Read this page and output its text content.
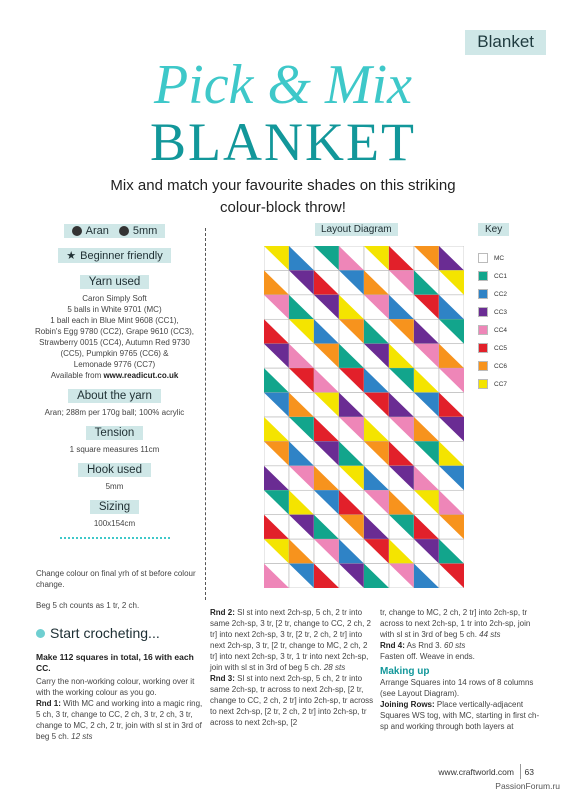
Blanket
Pick & Mix
BLANKET
Mix and match your favourite shades on this striking colour-block throw!
Aran 5mm
★ Beginner friendly
Yarn used
Caron Simply Soft
5 balls in White 9701 (MC)
1 ball each in Blue Mint 9608 (CC1),
Robin's Egg 9780 (CC2), Grape 9610 (CC3),
Strawberry 0015 (CC4), Autumn Red 9730
(CC5), Pumpkin 9765 (CC6) &
Lemonade 9776 (CC7)
Available from www.readicut.co.uk
About the yarn
Aran; 288m per 170g ball; 100% acrylic
Tension
1 square measures 11cm
Hook used
5mm
Sizing
100x154cm
Change colour on final yrh of st before colour change.
Beg 5 ch counts as 1 tr, 2 ch.
Start crocheting...
Make 112 squares in total, 16 with each CC.
Carry the non-working colour, working over it with the working colour as you go.
Rnd 1: With MC and working into a magic ring, 5 ch, 3 tr, change to CC, 2 ch, 3 tr, 2 ch, 3 tr, change to MC, 2 ch, 2 tr, join with sl st in 3rd of beg 5 ch. 12 sts
Rnd 2: Sl st into next 2ch-sp, 5 ch, 2 tr into same 2ch-sp, 3 tr, [2 tr, change to CC, 2 ch, 2 tr] into next 2ch-sp, 3 tr, [2 tr, 2 ch, 2 tr] into next 2ch-sp, 3 tr, [2 tr, change to MC, 2 ch, 2 tr] into next 2ch-sp, 3 tr, 1 tr into next 2ch-sp, join with sl st in 3rd of beg 5 ch. 28 sts
Rnd 3: Sl st into next 2ch-sp, 5 ch, 2 tr into same 2ch-sp, tr across to next 2ch-sp, [2 tr, change to CC, 2 ch, 2 tr] into 2ch-sp, tr across to next 2ch-sp, [2 tr, 2 ch, 2 tr] into 2ch-sp, tr across to next 2ch-sp, [2
tr, change to MC, 2 ch, 2 tr] into 2ch-sp, tr across to next 2ch-sp, 1 tr into 2ch-sp, join with sl st in 3rd of beg 5 ch. 44 sts
Rnd 4: As Rnd 3. 60 sts
Fasten off. Weave in ends.
Making up
Arrange Squares into 14 rows of 8 columns (see Layout Diagram).
Joining Rows: Place vertically-adjacent Squares WS tog, with MC, starting in first ch-sp and working through both layers at
Layout Diagram	Key
MC
CC1
CC2
CC3
CC4
CC5
CC6
CC7
www.craftworld.com 63
PassionForum.ru
